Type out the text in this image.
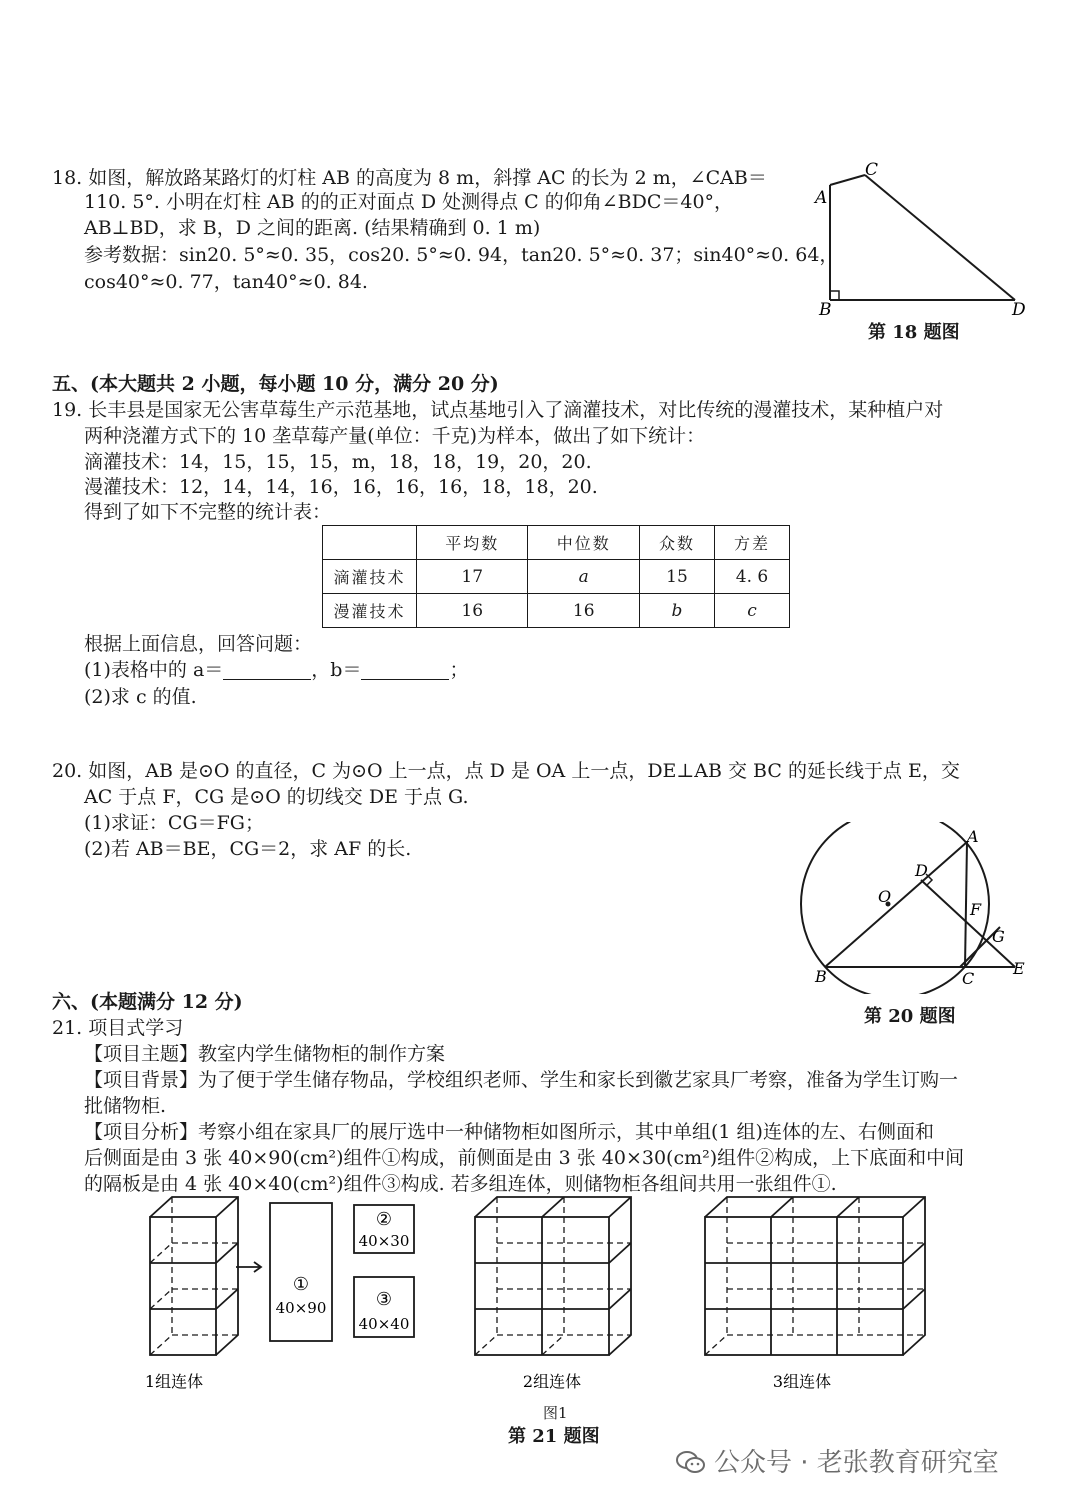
18. 如图，解放路某路灯的灯柱 AB 的高度为 8 m，斜撑 AC 的长为 2 m，∠CAB＝
110. 5°. 小明在灯柱 AB 的的正对面点 D 处测得点 C 的仰角∠BDC＝40°，
AB⊥BD，求 B，D 之间的距离. (结果精确到 0. 1 m)
参考数据：sin20. 5°≈0. 35，cos20. 5°≈0. 94，tan20. 5°≈0. 37；sin40°≈0. 64，
cos40°≈0. 77，tan40°≈0. 84.
A
B
C
D
第 18 题图
五、(本大题共 2 小题，每小题 10 分，满分 20 分)
19. 长丰县是国家无公害草莓生产示范基地，试点基地引入了滴灌技术，对比传统的漫灌技术，某种植户对
两种浇灌方式下的 10 垄草莓产量(单位：千克)为样本，做出了如下统计：
滴灌技术：14，15，15，15，m，18，18，19，20，20.
漫灌技术：12，14，14，16，16，16，16，18，18，20.
得到了如下不完整的统计表：
	平均数	中位数	众数	方差
滴灌技术	17	a	15	4. 6
漫灌技术	16	16	b	c
根据上面信息，回答问题：
(1)表格中的 a＝	，b＝	；
(2)求 c 的值.
20. 如图，AB 是⊙O 的直径，C 为⊙O 上一点，点 D 是 OA 上一点，DE⊥AB 交 BC 的延长线于点 E，交
AC 于点 F，CG 是⊙O 的切线交 DE 于点 G.
(1)求证：CG＝FG；
(2)若 AB＝BE，CG＝2，求 AF 的长.
A
B	C
D
E
F
G
O
第 20 题图
六、(本题满分 12 分)
21. 项目式学习
【项目主题】教室内学生储物柜的制作方案
【项目背景】为了便于学生储存物品，学校组织老师、学生和家长到徽艺家具厂考察，准备为学生订购一
批储物柜.
【项目分析】考察小组在家具厂的展厅选中一种储物柜如图所示，其中单组(1 组)连体的左、右侧面和
后侧面是由 3 张 40×90(cm²)组件①构成，前侧面是由 3 张 40×30(cm²)组件②构成，上下底面和中间
的隔板是由 4 张 40×40(cm²)组件③构成. 若多组连体，则储物柜各组间共用一张组件①.
①
40×90
②
40×30
③
40×40
1组连体	2组连体	3组连体
图1
第 21 题图
公众号 · 老张教育研究室
